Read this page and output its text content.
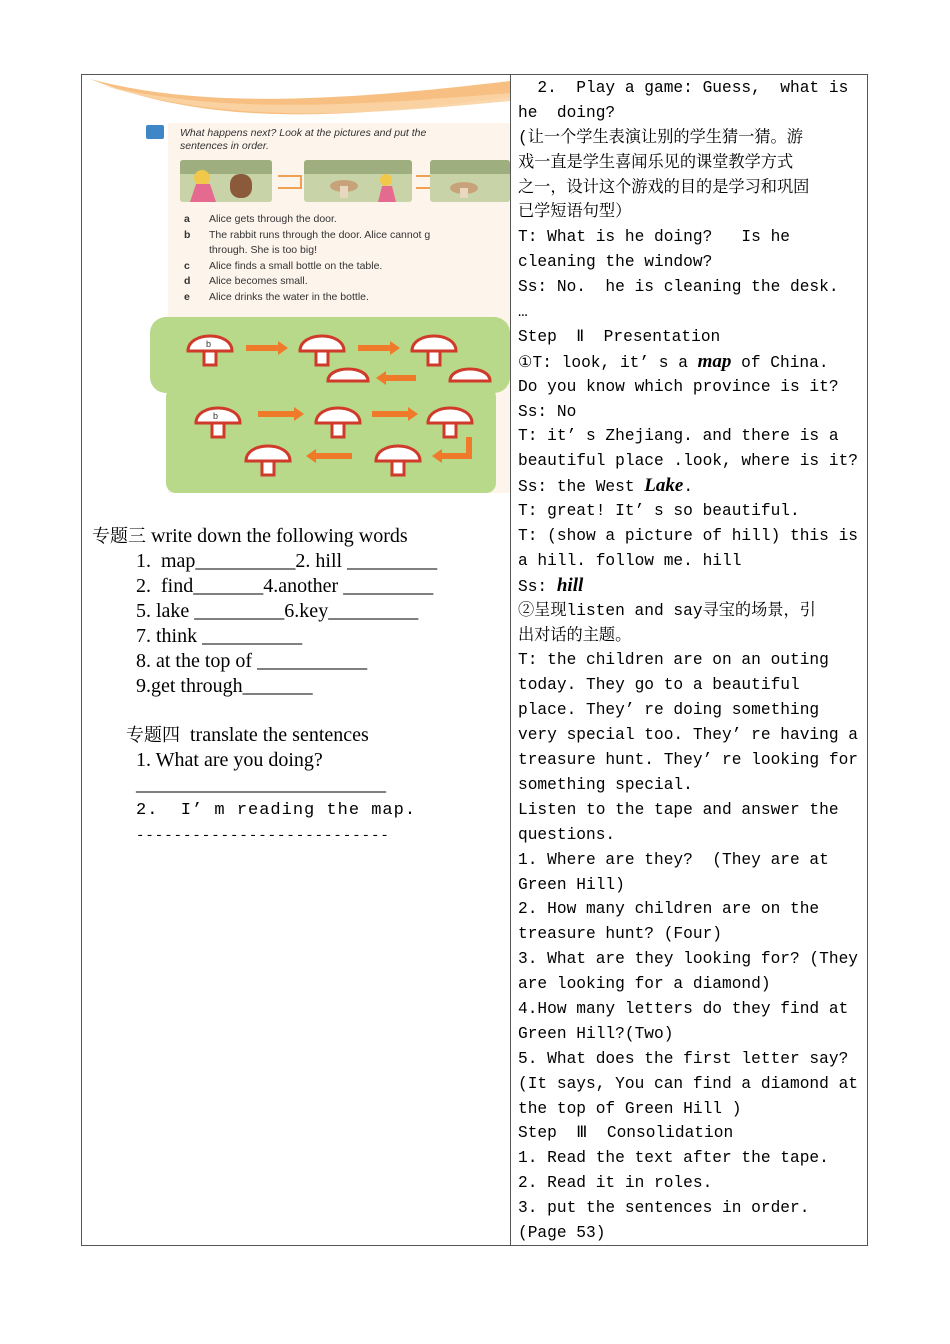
What happens next? Look at the pictures and put the
sentences in order.
a Alice gets through the door.
b The rabbit runs through the door. Alice cannot g
through. She is too big!
c Alice finds a small bottle on the table.
d Alice becomes small.
e Alice drinks the water in the bottle.
b
b
专题三 write down the following words
1.  map__________2. hill _________
2.  find_______4.another _________
5. lake _________6.key_________
7. think __________
8. at the top of ___________
9.get through_______
专题四  translate the sentences
1. What are you doing?
_________________________
2.  I’ m reading the map.
---------------------------
2.  Play a game: Guess,  what is
he  doing?
(让一个学生表演让别的学生猜一猜。游
戏一直是学生喜闻乐见的课堂教学方式
之一，设计这个游戏的目的是学习和巩固
已学短语句型）
T: What is he doing?   Is he
cleaning the window?
Ss: No.  he is cleaning the desk.
…
Step  Ⅱ  Presentation
①T: look, it’ s a map of China.
Do you know which province is it?
Ss: No
T: it’ s Zhejiang. and there is a
beautiful place .look, where is it?
Ss: the West Lake.
T: great! It’ s so beautiful.
T: (show a picture of hill) this is
a hill. follow me. hill
Ss: hill
②呈现listen and say寻宝的场景，引
出对话的主题。
T: the children are on an outing
today. They go to a beautiful
place. They’ re doing something
very special too. They’ re having a
treasure hunt. They’ re looking for
something special.
Listen to the tape and answer the
questions.
1. Where are they?  (They are at
Green Hill)
2. How many children are on the
treasure hunt? (Four)
3. What are they looking for? (They
are looking for a diamond)
4.How many letters do they find at
Green Hill?(Two)
5. What does the first letter say?
(It says, You can find a diamond at
the top of Green Hill )
Step  Ⅲ  Consolidation
1. Read the text after the tape.
2. Read it in roles.
3. put the sentences in order.
(Page 53)
